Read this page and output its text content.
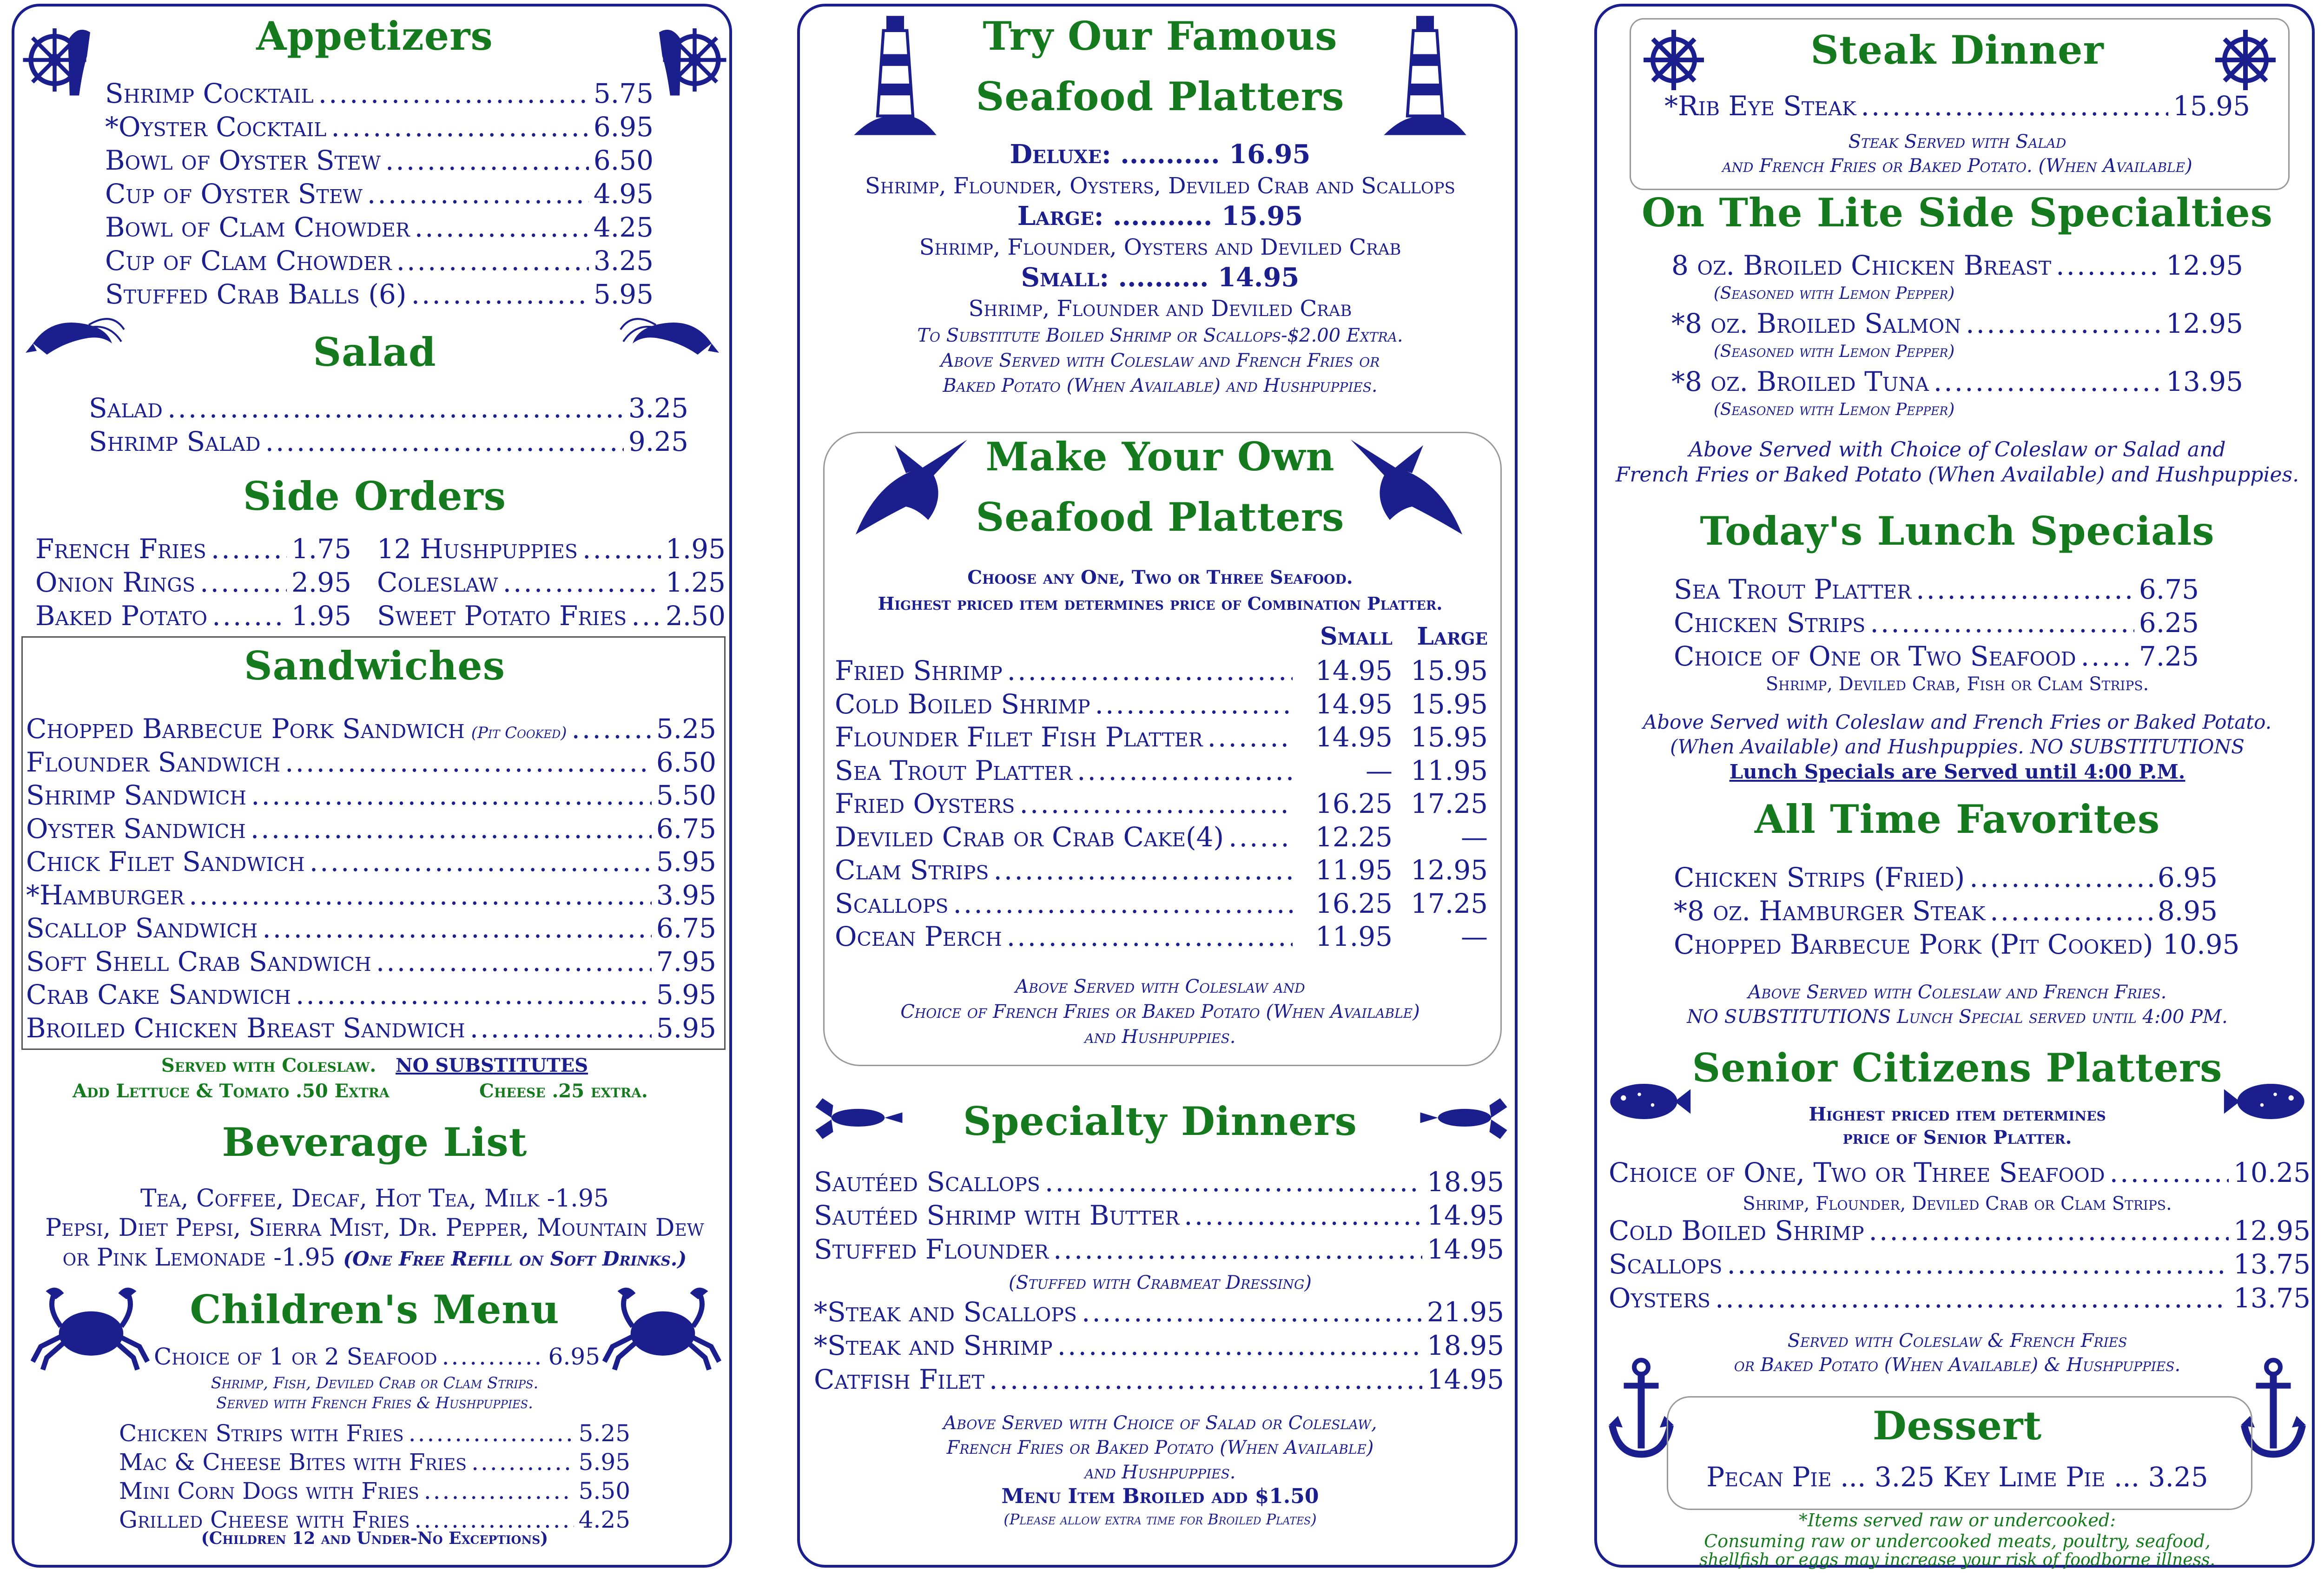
Appetizers
Salad
Side Orders
Sandwiches
Served with Coleslaw. NO SUBSTITUTES
Add Lettuce & Tomato .50 Extra	Cheese .25 extra.
Beverage List
Tea, Coffee, Decaf, Hot Tea, Milk -1.95
Pepsi, Diet Pepsi, Sierra Mist, Dr. Pepper, Mountain Dew
or Pink Lemonade -1.95 (One Free Refill on Soft Drinks.)
Children's Menu
Shrimp, Fish, Deviled Crab or Clam Strips.
Served with French Fries & Hushpuppies.
(Children 12 and Under-No Exceptions)
Shrimp Cocktail .....	5.75
*Oyster Cocktail .....	6.95
Bowl of Oyster Stew .....	6.50
Cup of Oyster Stew .....	4.95
Bowl of Clam Chowder .....	4.25
Cup of Clam Chowder .....	3.25
Stuffed Crab Balls (6) .....	5.95
Salad .....	3.25
Shrimp Salad .....	9.25
French Fries .....	1.75 12 Hushpuppies .....	1.95
Onion Rings .....	2.95 Coleslaw .....	1.25
Baked Potato .....	1.95 Sweet Potato Fries ..... 2.50
Chopped Barbecue Pork Sandwich (Pit Cooked) .....	5.25
Flounder Sandwich .....	6.50
Shrimp Sandwich .....	5.50
Oyster Sandwich .....	6.75
Chick Filet Sandwich .....	5.95
*Hamburger .....	3.95
Scallop Sandwich .....	6.75
Soft Shell Crab Sandwich .....	7.95
Crab Cake Sandwich .....	5.95
Broiled Chicken Breast Sandwich .....	5.95
Choice of 1 or 2 Seafood .....	6.95
Chicken Strips with Fries .....	5.25
Mac & Cheese Bites with Fries .....	5.95
Mini Corn Dogs with Fries .....	5.50
Grilled Cheese with Fries .....	4.25
Try Our Famous
Seafood Platters
Deluxe: ........... 16.95
Shrimp, Flounder, Oysters, Deviled Crab and Scallops
Large: ........... 15.95
Shrimp, Flounder, Oysters and Deviled Crab
Small: .......... 14.95
Shrimp, Flounder and Deviled Crab
To Substitute Boiled Shrimp or Scallops-$2.00 Extra.
Above Served with Coleslaw and French Fries or
Baked Potato (When Available) and Hushpuppies.
Make Your Own
Seafood Platters
Choose any One, Two or Three Seafood.
Highest priced item determines price of Combination Platter.
Small	Large
Above Served with Coleslaw and
Choice of French Fries or Baked Potato (When Available)
and Hushpuppies.
Specialty Dinners
(Stuffed with Crabmeat Dressing)
Above Served with Choice of Salad or Coleslaw,
French Fries or Baked Potato (When Available)
and Hushpuppies.
Menu Item Broiled add $1.50
(Please allow extra time for Broiled Plates)
Fried Shrimp .....	14.95 15.95
Cold Boiled Shrimp .....	14.95 15.95
Flounder Filet Fish Platter .....	14.95 15.95
Sea Trout Platter .....	— 11.95
Fried Oysters .....	16.25 17.25
Deviled Crab or Crab Cake(4) .....	12.25	—
Clam Strips .....	11.95 12.95
Scallops .....	16.25 17.25
Ocean Perch .....	11.95	—
Sautéed Scallops .....	18.95
Sautéed Shrimp with Butter .....	14.95
Stuffed Flounder .....	14.95
*Steak and Scallops .....	21.95
*Steak and Shrimp .....	18.95
Catfish Filet .....	14.95
Steak Dinner
Steak Served with Salad
and French Fries or Baked Potato. (When Available)
On The Lite Side Specialties
Above Served with Choice of Coleslaw or Salad and
French Fries or Baked Potato (When Available) and Hushpuppies.
Today's Lunch Specials
Shrimp, Deviled Crab, Fish or Clam Strips.
Above Served with Coleslaw and French Fries or Baked Potato.
(When Available) and Hushpuppies. NO SUBSTITUTIONS
Lunch Specials are Served until 4:00 P.M.
All Time Favorites
Above Served with Coleslaw and French Fries.
NO SUBSTITUTIONS Lunch Special served until 4:00 PM.
Senior Citizens Platters
Highest priced item determines
price of Senior Platter.
Shrimp, Flounder, Deviled Crab or Clam Strips.
Served with Coleslaw & French Fries
or Baked Potato (When Available) & Hushpuppies.
Dessert
Pecan Pie ... 3.25 Key Lime Pie ... 3.25
*Items served raw or undercooked:
Consuming raw or undercooked meats, poultry, seafood,
shellfish or eggs may increase your risk of foodborne illness.
*Rib Eye Steak .....	15.95
8 oz. Broiled Chicken Breast .....	12.95
(Seasoned with Lemon Pepper)
*8 oz. Broiled Salmon .....	12.95
(Seasoned with Lemon Pepper)
*8 oz. Broiled Tuna .....	13.95
(Seasoned with Lemon Pepper)
Sea Trout Platter .....	6.75
Chicken Strips .....	6.25
Choice of One or Two Seafood ..... 7.25
Chicken Strips (Fried) .....	6.95
*8 oz. Hamburger Steak .....	8.95
Chopped Barbecue Pork (Pit Cooked) 10.95
Choice of One, Two or Three Seafood .....	10.25
Cold Boiled Shrimp .....	12.95
Scallops .....	13.75
Oysters .....	13.75
